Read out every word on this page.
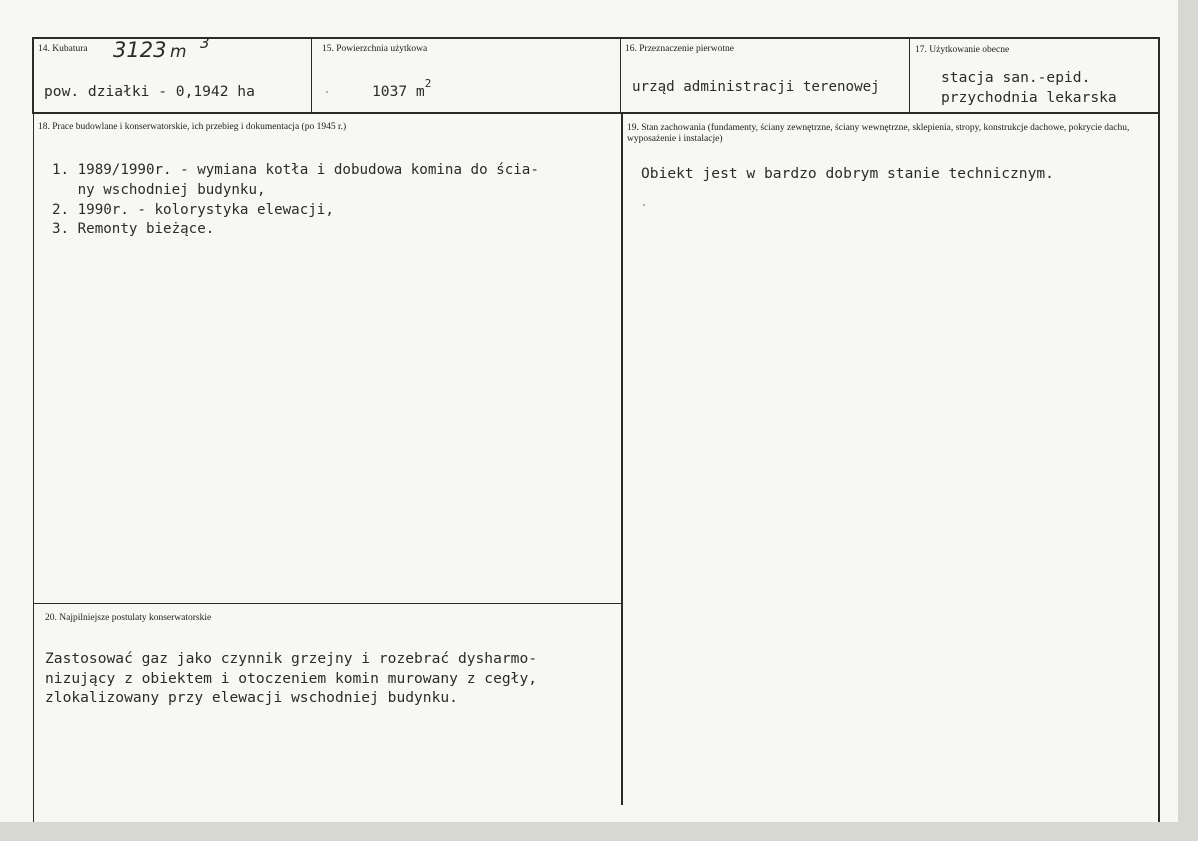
14. Kubatura 3123 m 3
pow. działki - 0,1942 ha
15. Powierzchnia użytkowa
1037 $m^2$
16. Przeznaczenie pierwotne
urząd administracji terenowej
17. Użytkowanie obecne
stacja san.-epid.
przychodnia lekarska
18. Prace budowlane i konserwatorskie, ich przebieg i dokumentacja (po 1945 r.)
1. 1989/1990r. - wymiana kotła i dobudowa komina do ścia-
ny wschodniej budynku,
2. 1990r. - kolorystyka elewacji,
3. Remonty bieżące.
19. Stan zachowania (fundamenty, ściany zewnętrzne, ściany wewnętrzne, sklepienia, stropy, konstrukcje dachowe, pokrycie dachu, wyposażenie i instalacje)
Obiekt jest w bardzo dobrym stanie technicznym.
20. Najpilniejsze postulaty konserwatorskie
Zastosować gaz jako czynnik grzejny i rozebrać dysharmo-
nizujący z obiektem i otoczeniem komin murowany z cegły,
zlokalizowany przy elewacji wschodniej budynku.
